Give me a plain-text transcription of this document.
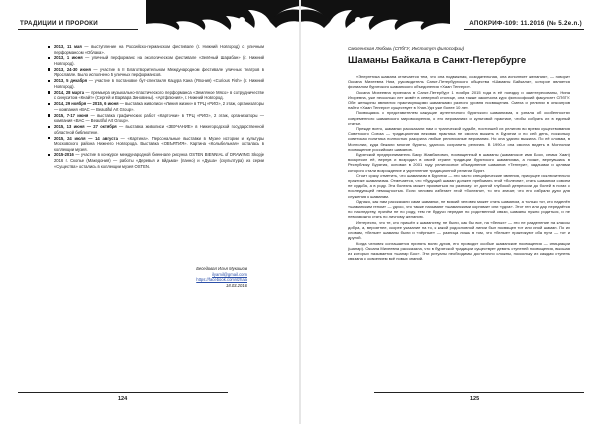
ТРАДИЦИИ И ПРОРОКИ
2013, 11 мая — выступление на Российско-германском фестивале (г. Нижний Новгород) с уличным перформансом «Облака».
2013, 1 июня — уличный перформанс на экологическом фестивале «Зелёный Шарабан» (г. Нижний Новгород).
2013, 24-30 июня — участие в II Благотворительном Международном фестивале уличных театров в Ярославле. Было исполнено 5 уличных перформансов.
2013, 5 декабря — участие в постановке бут-спектакля Кацура Кана (Япония) «Curious Fish» (г. Нижний Новгород).
2014, 28 марта — премьера музыкально-пластического перформанса «Земляное Мясо» в сотрудничестве с синуситом «Кнайт» (Сергей и Варвара Зиновины). «Артфлюния», г. Нижний Новгород.
2014, 29 ноября — 2015, 6 июня — выставка живописи «Линия жизни» в ТРЦ «РИО», 2 этаж, организаторы — компания «BAC — Beautiful Art Group».
2015, 7-17 июня — выставка графических работ «Карточки» в ТРЦ «РИО», 2 этаж, организаторы — компания «BAC — Beautiful Art Group».
2015, 13 июня — 27 октября — выставка живописи «ЗВУЧАНИЕ» в Нижегородской государственной областной библиотеке.
2015, 24 июля — 14 августа — «Картина». Персональные выставки в Музее истории и культуры Московского района Нижнего Новгорода. Выставка «ОБЪЯТИЯ». Картина «Колыбельная» осталась в коллекции музея.
2015-2016 — участие в конкурсе международной биеннале рисунка OSTEN BIENNIAL of DRAWING Skopje 2016 г. Скопье (Македония) — работы «Деревья и вйдьма» (панно) и «Душа» (скульптура) из серии «Существа» остались в коллекции музея OSTEN.
Беседовал Илья Мукашов
ilyamil@gmail.com
https://facebook.com/ilzhaa
18.03.2016
124
АПОКРИФ-109: 11.2016 (№ 5.2e.n.)
Смоленская Любовь (СПбГУ, Институт философии)
Шаманы Байкала в Санкт-Петербурге

«Энергетика шамана отличается тем, что она подвижная, созидательная, она исполняет желания», — говорит Оксана Михеевна Ним, руководитель Санкт-Петербургского общества «Шаманы Байкала», которое является филиалом бурятского шаманского объединения «Хаан Тенгери».

Оксана Михеевна приехала в Санкт-Петербург 1 ноября 2015 года в её поездку и заинтересованы, Нина Игоревна, уже несколько лет живёт в северной столице, она также закончила курс философский факультет СПбГУ. Обе женщины являются практикующими шаманками разного уровня посвящения. Смеха и религии в онкоигров найти «Хаан Тенгери» существует в Улан-Удэ уже более 10 лет.

Посвящаясь с представителем кажущие аутентичного бурятского шаманизма, я узнала об особенностях современного шаманского мировоззрения, о его верованиях и культовой практике, чтобы собрать их в единый статье.

Прежде всего, шаманки рассказали нам о трагической судьбе, постигшей их религию во время существования Советского Союза — традиционная вековая практика не смогла выжить в Бурятии и по сей день, поскольку советская политика полностью разорила любые религиозные верования. Но она удачно выжила. По её словам, в Монголии, куда бежали многие буряты, удалось сохранить религию. В 1990-х она смогла видеть в Монголии посвящение российских шаманов.

Бурятский предприниматель Баир Жамбалович, посвященный в шаманы (шаманское имя Боох, семья Хаан) воскресил её, вернув и возродил в своей стране традиции бурятского шаманизма, а позже, вернувшись в Республику Бурятия, основал в 2001 году религиозное объединение шаманов «Тенгери», задачами и целями которого стали возрождение и укрепление традиционной религии Бурят.

Стоит сразу отметить, что шаманизм в Бурятии — это часто специфические явления, присущее исключительно практике шаманизма. Отмечается, что «будущий шаман должен пребывать этой «болезни», стать шаманом совсем не судьба, а в роду. Эта болезнь может проявиться по разному: от долгой глубокой депрессии до болей в ногах с последующей немощностью. Если человек избегает этой «болезни», то это значит, что его избрали духи для служения к шаманам.

Однако, как нам рассказали сами шаманки, не всякий человек может стать шаманом, а только тот, кто наделён «шаманским геном» — удхоо, что также называют «шаманскими корнями» или «удха». Этот ген или дар передаётся по наследству, причём не по роду, тем не будучи передан по родственной связи, шаманы нужно родиться, и не невозможно стать по личному желанию.

Интересно, что те, кто пришёл к шаманству, не были, как бы все, на «белых» — это не разделение на классы добра, а, вероятнее, скорее указание на то, к какой родословной линии был посвящен тот или иной шаман. По их словам, «белые» шаманы были и «чёрные» — разница лишь в том, что «белые» практикуют оба пути — тот и другой.

Когда человек соглашается принять волю духов, его проводят особые шаманские посвящения — инициации (шанар). Оксана Михеевна рассказала, что в бурятской традиции существует девять ступеней посвящения, высшая из которых называется «шанар Боо». Эти ритуалы необходимы достаточно сложны, поскольку их каждая ступень связана с освоением всё новых знаний.

125
